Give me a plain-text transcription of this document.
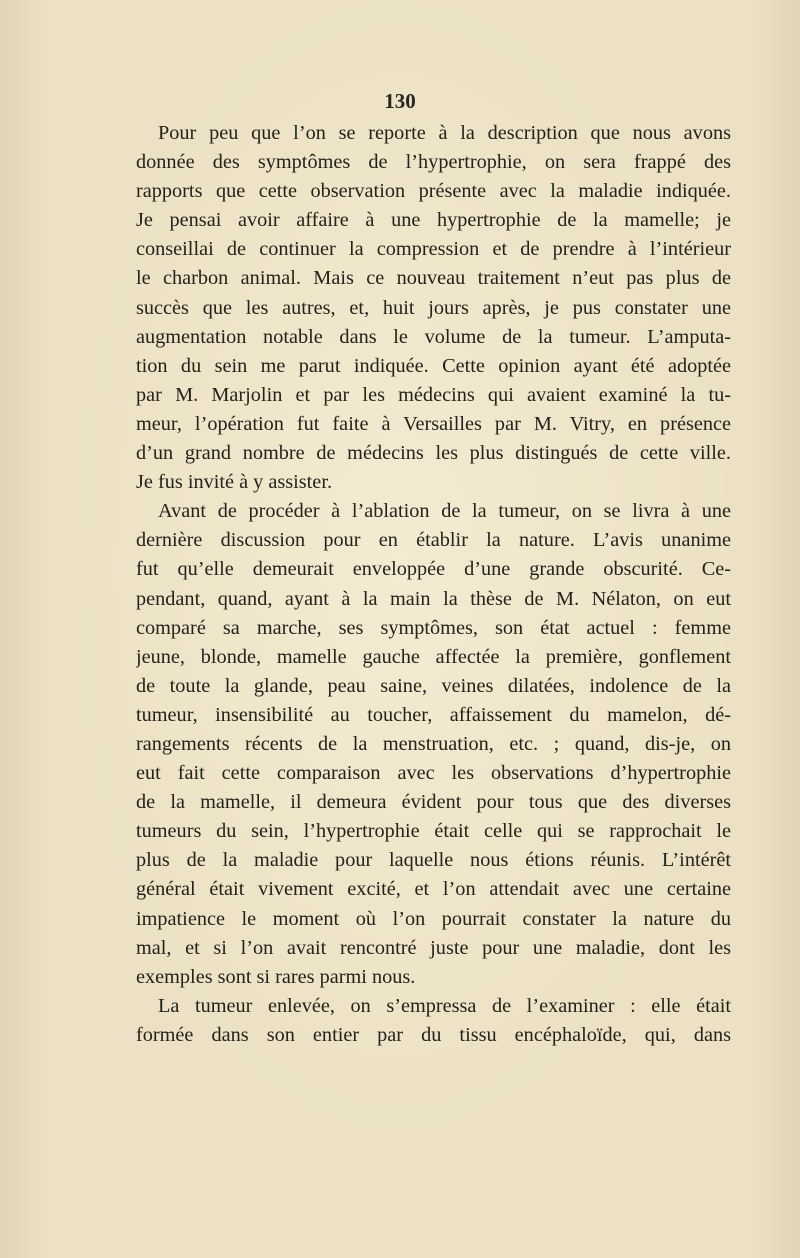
130

Pour peu que l’on se reporte à la description que nous avons
donnée des symptômes de l’hypertrophie, on sera frappé des
rapports que cette observation présente avec la maladie indiquée.
Je pensai avoir affaire à une hypertrophie de la mamelle; je
conseillai de continuer la compression et de prendre à l’intérieur
le charbon animal. Mais ce nouveau traitement n’eut pas plus de
succès que les autres, et, huit jours après, je pus constater une
augmentation notable dans le volume de la tumeur. L’amputa-
tion du sein me parut indiquée. Cette opinion ayant été adoptée
par M. Marjolin et par les médecins qui avaient examiné la tu-
meur, l’opération fut faite à Versailles par M. Vitry, en présence
d’un grand nombre de médecins les plus distingués de cette ville.
Je fus invité à y assister.

Avant de procéder à l’ablation de la tumeur, on se livra à une
dernière discussion pour en établir la nature. L’avis unanime
fut qu’elle demeurait enveloppée d’une grande obscurité. Ce-
pendant, quand, ayant à la main la thèse de M. Nélaton, on eut
comparé sa marche, ses symptômes, son état actuel : femme
jeune, blonde, mamelle gauche affectée la première, gonflement
de toute la glande, peau saine, veines dilatées, indolence de la
tumeur, insensibilité au toucher, affaissement du mamelon, dé-
rangements récents de la menstruation, etc. ; quand, dis-je, on
eut fait cette comparaison avec les observations d’hypertrophie
de la mamelle, il demeura évident pour tous que des diverses
tumeurs du sein, l’hypertrophie était celle qui se rapprochait le
plus de la maladie pour laquelle nous étions réunis. L’intérêt
général était vivement excité, et l’on attendait avec une certaine
impatience le moment où l’on pourrait constater la nature du
mal, et si l’on avait rencontré juste pour une maladie, dont les
exemples sont si rares parmi nous.

La tumeur enlevée, on s’empressa de l’examiner : elle était
formée dans son entier par du tissu encéphaloïde, qui, dans
